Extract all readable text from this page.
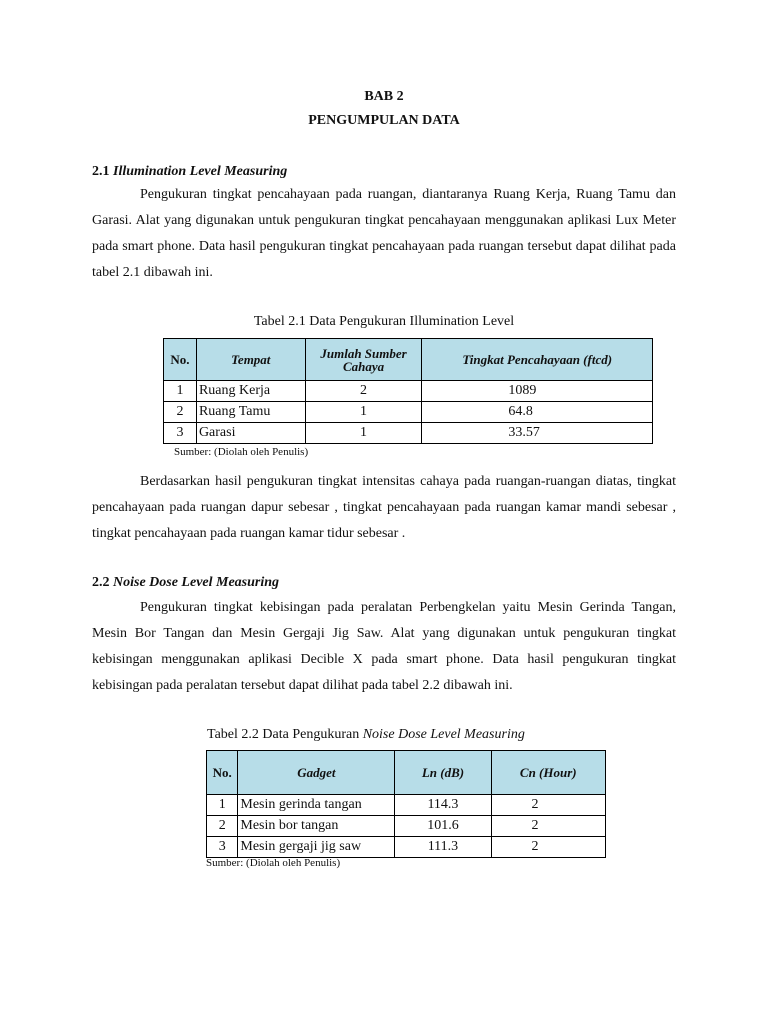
BAB 2
PENGUMPULAN DATA
2.1 Illumination Level Measuring

Pengukuran tingkat pencahayaan pada ruangan, diantaranya Ruang Kerja, Ruang Tamu dan Garasi. Alat yang digunakan untuk pengukuran tingkat pencahayaan menggunakan aplikasi Lux Meter pada smart phone. Data hasil pengukuran tingkat pencahayaan pada ruangan tersebut dapat dilihat pada tabel 2.1 dibawah ini.

Tabel 2.1 Data Pengukuran Illumination Level
No.	Tempat	Jumlah Sumber Cahaya	Tingkat Pencahayaan (ftcd)
1	Ruang Kerja	2	1089
2	Ruang Tamu	1	64.8
3	Garasi	1	33.57
Sumber: (Diolah oleh Penulis)

Berdasarkan hasil pengukuran tingkat intensitas cahaya pada ruangan-ruangan diatas, tingkat pencahayaan pada ruangan dapur sebesar , tingkat pencahayaan pada ruangan kamar mandi sebesar , tingkat pencahayaan pada ruangan kamar tidur sebesar .

2.2 Noise Dose Level Measuring

Pengukuran tingkat kebisingan pada peralatan Perbengkelan yaitu Mesin Gerinda Tangan, Mesin Bor Tangan dan Mesin Gergaji Jig Saw. Alat yang digunakan untuk pengukuran tingkat kebisingan menggunakan aplikasi Decible X pada smart phone. Data hasil pengukuran tingkat kebisingan pada peralatan tersebut dapat dilihat pada tabel 2.2 dibawah ini.

Tabel 2.2 Data Pengukuran Noise Dose Level Measuring
No.	Gadget	Ln (dB)	Cn (Hour)
1	Mesin gerinda tangan	114.3	2
2	Mesin bor tangan	101.6	2
3	Mesin gergaji jig saw	111.3	2
Sumber: (Diolah oleh Penulis)
